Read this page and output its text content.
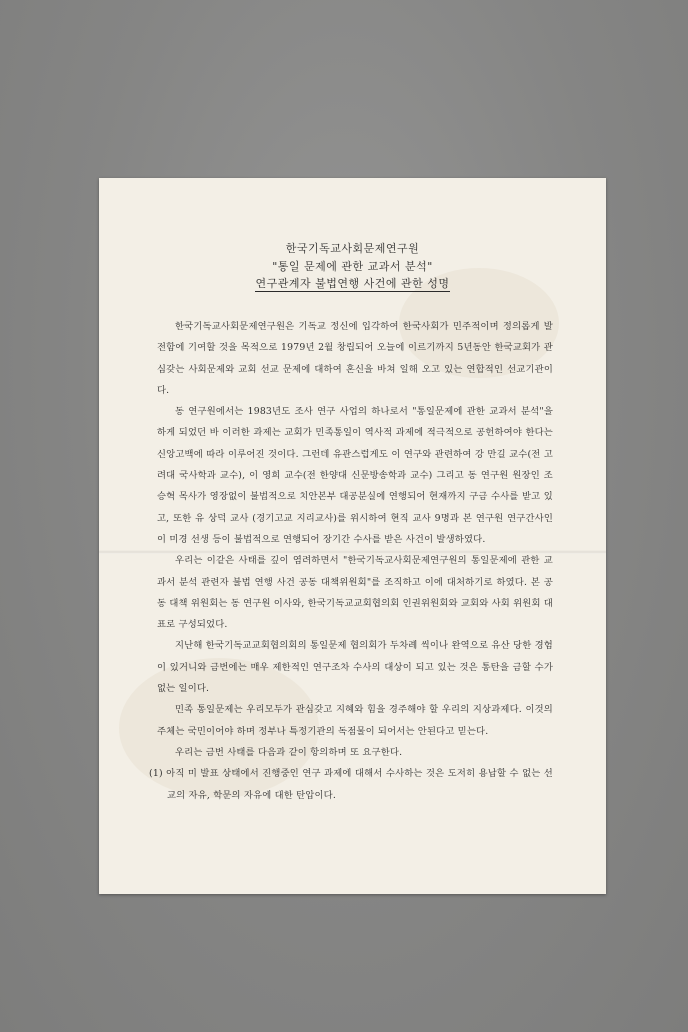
한국기독교사회문제연구원
"통일 문제에 관한 교과서 분석"
연구관계자 불법연행 사건에 관한 성명

한국기독교사회문제연구원은 기독교 정신에 입각하여 한국사회가 민주적이며 정의롭게 발전함에 기여할 것을 목적으로 1979년 2월 창립되어 오늘에 이르기까지 5년동안 한국교회가 관심갖는 사회문제와 교회 선교 문제에 대하여 혼신을 바쳐 일해 오고 있는 연합적인 선교기관이다.

동 연구원에서는 1983년도 조사 연구 사업의 하나로서 "통일문제에 관한 교과서 분석"을 하게 되었던 바 이러한 과제는 교회가 민족통일이 역사적 과제에 적극적으로 공헌하여야 한다는 신앙고백에 따라 이루어진 것이다. 그런데 유관스럽게도 이 연구와 관련하여 강 만길 교수(전 고려대 국사학과 교수), 이 영희 교수(전 한양대 신문방송학과 교수) 그리고 동 연구원 원장인 조 승혁 목사가 영장없이 불법적으로 치안본부 대공분실에 연행되어 현재까지 구금 수사를 받고 있고, 또한 유 상덕 교사 (경기고교 지리교사)를 위시하여 현직 교사 9명과 본 연구원 연구간사인 이 미경 선생 등이 불법적으로 연행되어 장기간 수사를 받은 사건이 발생하였다.

우리는 이같은 사태를 깊이 염려하면서 "한국기독교사회문제연구원의 통일문제에 관한 교과서 분석 관련자 불법 연행 사건 공동 대책위원회"를 조직하고 이에 대처하기로 하였다. 본 공동 대책 위원회는 동 연구원 이사와, 한국기독교교회협의회 인권위원회와 교회와 사회 위원회 대표로 구성되었다.

지난해 한국기독교교회협의회의 통일문제 협의회가 두차례 씩이나 완역으로 유산 당한 경험이 있거니와 금번에는 매우 제한적인 연구조차 수사의 대상이 되고 있는 것은 통탄을 금할 수가 없는 일이다.

민족 통일문제는 우리모두가 관심갖고 지혜와 힘을 경주해야 할 우리의 지상과제다. 이것의 주체는 국민이어야 하며 정부나 특정기관의 독점물이 되어서는 안된다고 믿는다.

우리는 금번 사태를 다음과 같이 항의하며 또 요구한다.

(1) 아직 미 발표 상태에서 진행중인 연구 과제에 대해서 수사하는 것은 도저히 용납할 수 없는 선교의 자유, 학문의 자유에 대한 탄압이다.
